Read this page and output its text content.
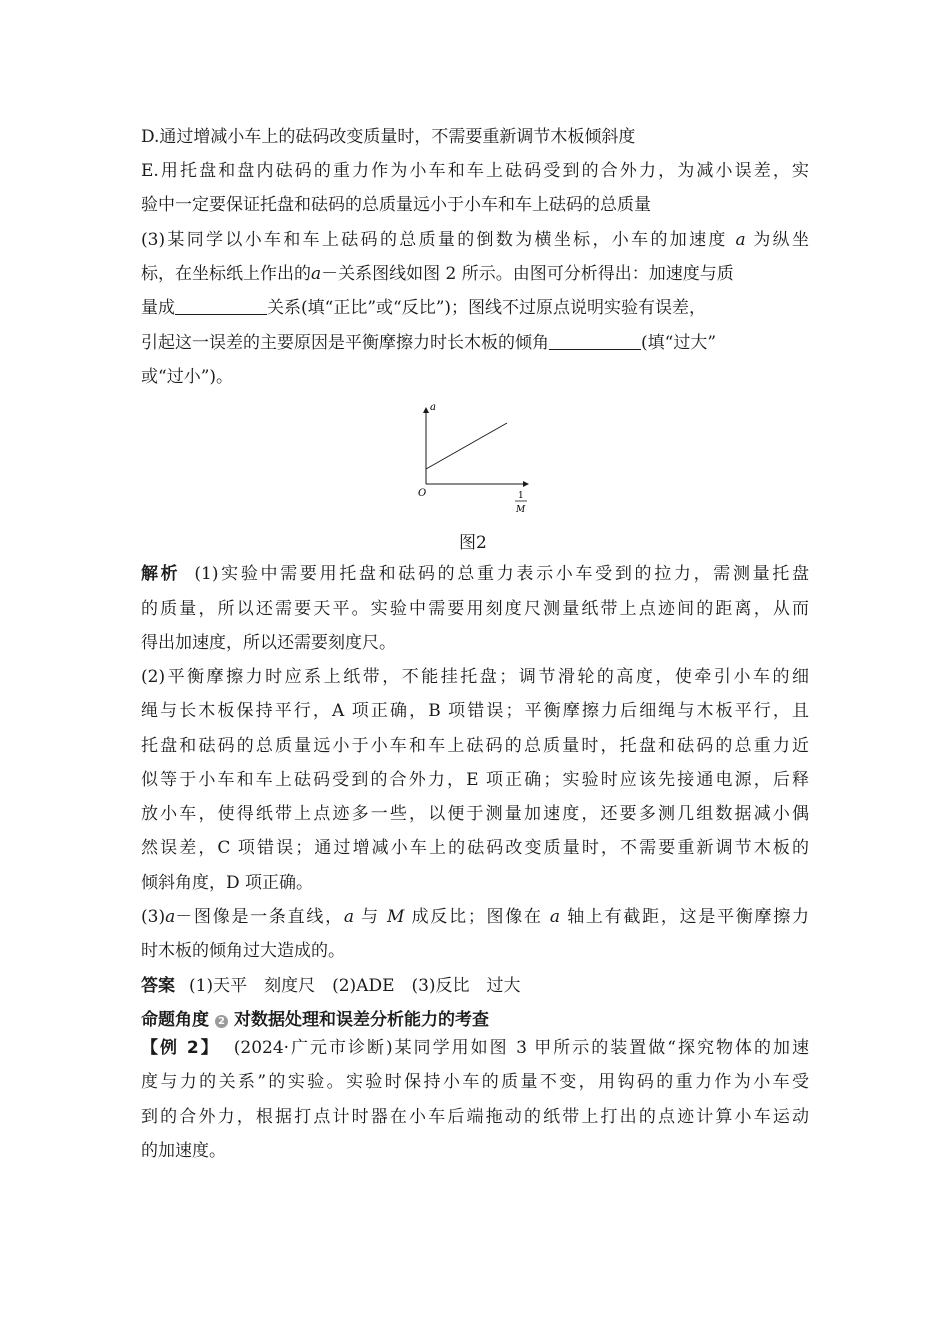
D.通过增减小车上的砝码改变质量时，不需要重新调节木板倾斜度
E.用托盘和盘内砝码的重力作为小车和车上砝码受到的合外力，为减小误差，实
验中一定要保证托盘和砝码的总质量远小于小车和车上砝码的总质量
(3)某同学以小车和车上砝码的总质量的倒数为横坐标，小车的加速度 a 为纵坐
标，在坐标纸上作出的a－关系图线如图 2 所示。由图可分析得出：加速度与质
量成	关系(填“正比”或“反比”)；图线不过原点说明实验有误差，
引起这一误差的主要原因是平衡摩擦力时长木板的倾角	(填“过大”
或“过小”)。
a
O	1
M
图2
解析 (1)实验中需要用托盘和砝码的总重力表示小车受到的拉力，需测量托盘
的质量，所以还需要天平。实验中需要用刻度尺测量纸带上点迹间的距离，从而
得出加速度，所以还需要刻度尺。
(2)平衡摩擦力时应系上纸带，不能挂托盘；调节滑轮的高度，使牵引小车的细
绳与长木板保持平行，A 项正确，B 项错误；平衡摩擦力后细绳与木板平行，且
托盘和砝码的总质量远小于小车和车上砝码的总质量时，托盘和砝码的总重力近
似等于小车和车上砝码受到的合外力，E 项正确；实验时应该先接通电源，后释
放小车，使得纸带上点迹多一些，以便于测量加速度，还要多测几组数据减小偶
然误差，C 项错误；通过增减小车上的砝码改变质量时，不需要重新调节木板的
倾斜角度，D 项正确。
(3)a－图像是一条直线，a 与 M 成反比；图像在 a 轴上有截距，这是平衡摩擦力
时木板的倾角过大造成的。
答案 (1)天平　刻度尺　(2)ADE　(3)反比　过大
命题角度 2 对数据处理和误差分析能力的考查
【例 2】 (2024·广元市诊断)某同学用如图 3 甲所示的装置做“探究物体的加速
度与力的关系”的实验。实验时保持小车的质量不变，用钩码的重力作为小车受
到的合外力，根据打点计时器在小车后端拖动的纸带上打出的点迹计算小车运动
的加速度。
